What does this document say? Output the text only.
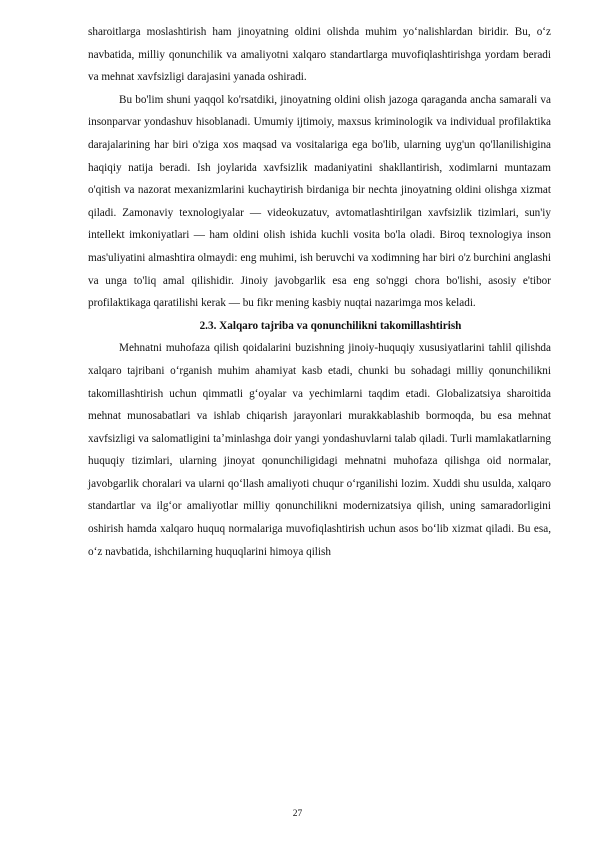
sharoitlarga moslashtirish ham jinoyatning oldini olishda muhim yoʻnalishlardan biridir. Bu, oʻz navbatida, milliy qonunchilik va amaliyotni xalqaro standartlarga muvofiqlashtirishga yordam beradi va mehnat xavfsizligi darajasini yanada oshiradi.

Bu bo'lim shuni yaqqol ko'rsatdiki, jinoyatning oldini olish jazoga qaraganda ancha samarali va insonparvar yondashuv hisoblanadi. Umumiy ijtimoiy, maxsus kriminologik va individual profilaktika darajalarining har biri o'ziga xos maqsad va vositalariga ega bo'lib, ularning uyg'un qo'llanilishigina haqiqiy natija beradi. Ish joylarida xavfsizlik madaniyatini shakllantirish, xodimlarni muntazam o'qitish va nazorat mexanizmlarini kuchaytirish birdaniga bir nechta jinoyatning oldini olishga xizmat qiladi. Zamonaviy texnologiyalar — videokuzatuv, avtomatlashtirilgan xavfsizlik tizimlari, sun'iy intellekt imkoniyatlari — ham oldini olish ishida kuchli vosita bo'la oladi. Biroq texnologiya inson mas'uliyatini almashtira olmaydi: eng muhimi, ish beruvchi va xodimning har biri o'z burchini anglashi va unga to'liq amal qilishidir. Jinoiy javobgarlik esa eng so'nggi chora bo'lishi, asosiy e'tibor profilaktikaga qaratilishi kerak — bu fikr mening kasbiy nuqtai nazarimga mos keladi.

2.3. Xalqaro tajriba va qonunchilikni takomillashtirish

Mehnatni muhofaza qilish qoidalarini buzishning jinoiy-huquqiy xususiyatlarini tahlil qilishda xalqaro tajribani oʻrganish muhim ahamiyat kasb etadi, chunki bu sohadagi milliy qonunchilikni takomillashtirish uchun qimmatli gʻoyalar va yechimlarni taqdim etadi. Globalizatsiya sharoitida mehnat munosabatlari va ishlab chiqarish jarayonlari murakkablashib bormoqda, bu esa mehnat xavfsizligi va salomatligini taʼminlashga doir yangi yondashuvlarni talab qiladi. Turli mamlakatlarning huquqiy tizimlari, ularning jinoyat qonunchiligidagi mehnatni muhofaza qilishga oid normalar, javobgarlik choralari va ularni qoʻllash amaliyoti chuqur oʻrganilishi lozim. Xuddi shu usulda, xalqaro standartlar va ilgʻor amaliyotlar milliy qonunchilikni modernizatsiya qilish, uning samaradorligini oshirish hamda xalqaro huquq normalariga muvofiqlashtirish uchun asos boʻlib xizmat qiladi. Bu esa, oʻz navbatida, ishchilarning huquqlarini himoya qilish

27
